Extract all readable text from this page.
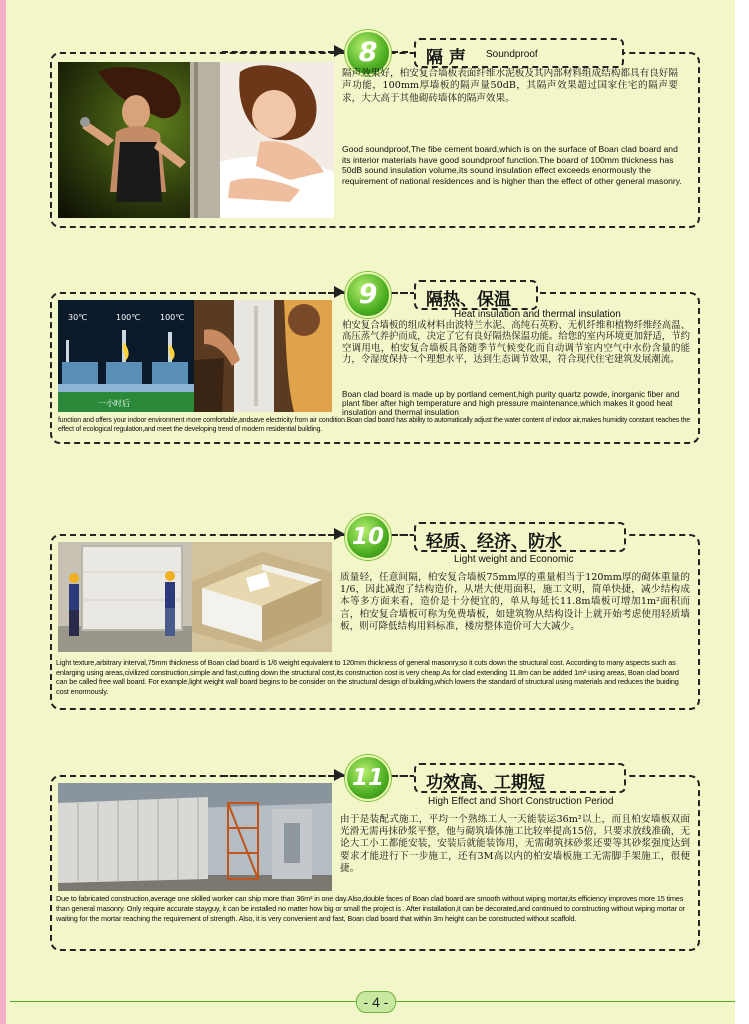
8	隔 声 Soundproof
隔声效果好，柏安复合墙板表面纤维水泥板及其内部材料组成结构都具有良好隔声功能，100mm厚墙板的隔声量50dB，其隔声效果超过国家住宅的隔声要求，大大高于其他砌砖墙体的隔声效果。
Good soundproof,The fibe cement board,which is on the surface of Boan clad board and its interior materials have good soundproof function.The board of 100mm thickness has 50dB sound insulation volume,its sound insulation effect exceeds enormously the requirement of national residences and is higher than the effect of other general masonry.
9	隔热、保温
Heat insulation and thermal insulation
30℃	100℃ 100℃
一小时后
柏安复合墙板的组成材料由波特兰水泥、高纯石英粉、无机纤维和植物纤维经高温、高压蒸气养护而成，决定了它有良好隔热保温功能。给您的室内环境更加舒适，节约空调用电，柏安复合墙板具备随季节气候变化而自动调节室内空气中水份含量的能力，令湿度保持一个理想水平，达到生态调节效果，符合现代住宅建筑发展潮流。
Boan clad board is made up by portland cement,high purity quartz powde, inorganic fiber and plant fiber after high temperature and high pressure maintenance,which makes it good heat insulation and thermal insulation
function and offers your indoor environment more comfortable,andsave electricity from air condition.Boan clad board has ability to automatically adjust the water content of indoor air,makes humidity constant reaches the effect of ecological regulation,and meet the developing trend of modern residential building.
10	轻质、经济、防水
Light weight and Economic
质量轻，任意间隔，柏安复合墙板75mm厚的重量相当于120mm厚的砌体重量的1/6，因此减泡了结构造价，从堪大使用面积，施工文明，简单快捷，减少结构成本等多方面来看，造价是十分便宜的，单从每延长11.8m墙板可增加1m²面积而言，柏安复合墙板可称为免费墙板，如建筑物从结构设计上就开始考虑使用轻质墙板，则可降低结构用料标准，楼房整体造价可大大减少。
Light texture,arbitrary interval,75mm thickness of Boan clad board is 1/6 weight equivalent to 120mm thickness of general masonry,so it cuts down the structural cost. According to many aspects such as enlarging using areas,civilized construction,simple and fast,cutting down the structural cost,its construction cost is very cheap.As for clad extending 11.8m can be added 1m² using areas, Boan clad board can be called free wall board. For example,light weight wall board begins to be consider on the structural design of building,which lowers the standard of structural using materials and reduces the buiding cost enormously.
11	功效高、工期短
High Effect and Short Construction Period
由于是装配式施工，平均一个熟练工人一天能装运36m²以上，而且柏安墙板双面光滑无需再抹砂浆平整，他与砌筑墙体施工比较率提高15倍，只要求放线准确，无论大工小工都能安装，安装后就能装饰用，无需砌筑抹砂浆还要等其砂浆强度达到要求才能进行下一步施工，还有3M高以内的柏安墙板施工无需脚手架施工，很便捷。
Due to fabricated construction,average one skilled worker can ship more than 36m² in one day.Also,double faces of Boan clad board are smooth without wiping mortar,its efficiency improves more 15 times than general masonry. Only require accurate stayguy, it can be installed no matter how big or small the project is . After installation,it can be decorated,and continued to constructing without wiping mortar or waiting for the mortar reaching the requirement of strength. Also, it is very convenient and fast, Boan clad board that within 3m height can be constructed without scaffold.
- 4 -
